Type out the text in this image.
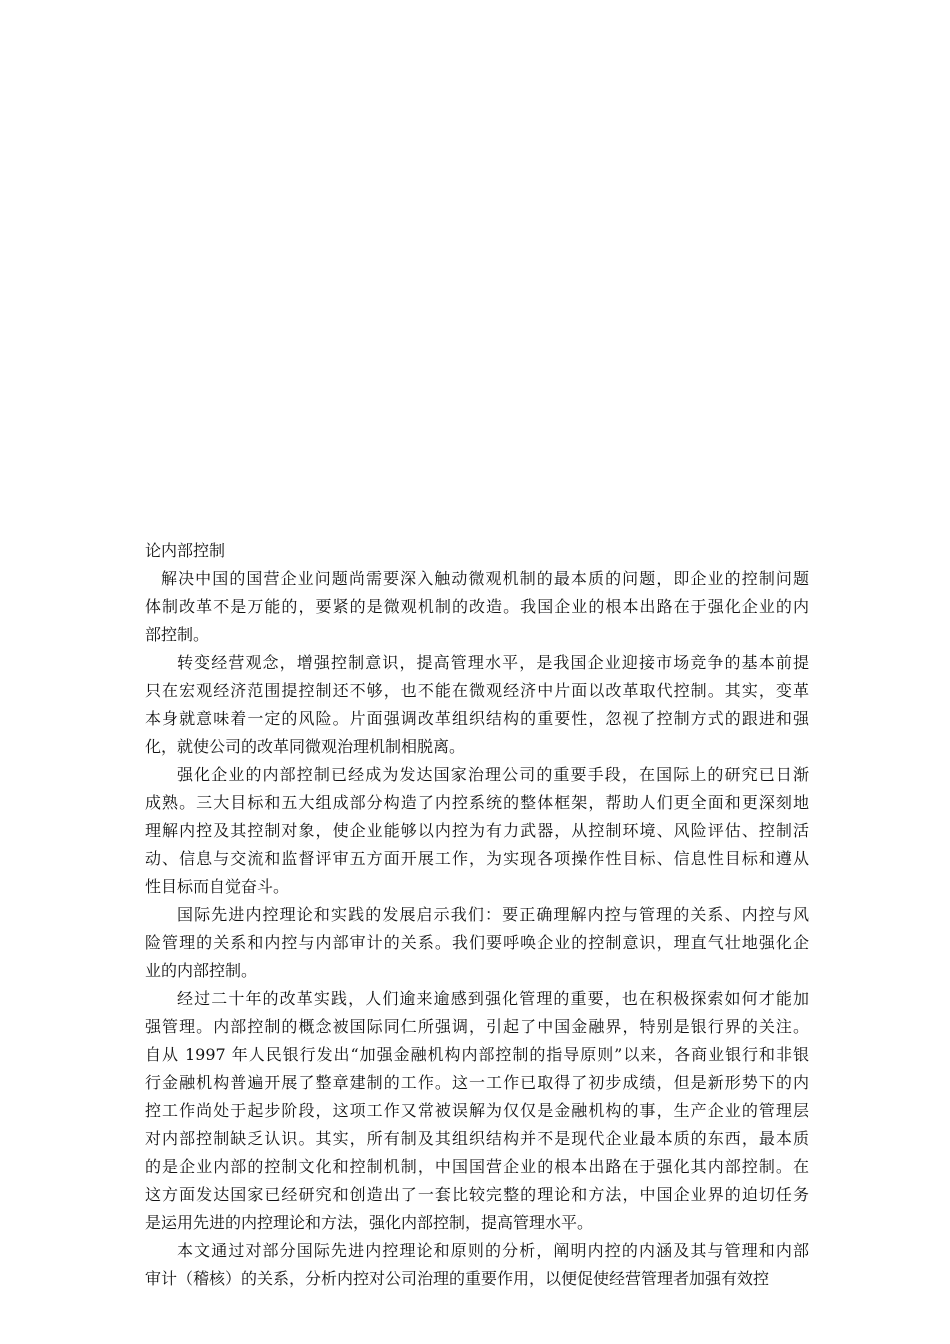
论内部控制

解决中国的国营企业问题尚需要深入触动微观机制的最本质的问题，即企业的控制问题

体制改革不是万能的，要紧的是微观机制的改造。我国企业的根本出路在于强化企业的内

部控制。

转变经营观念，增强控制意识，提高管理水平，是我国企业迎接市场竞争的基本前提

只在宏观经济范围提控制还不够，也不能在微观经济中片面以改革取代控制。其实，变革

本身就意味着一定的风险。片面强调改革组织结构的重要性，忽视了控制方式的跟进和强

化，就使公司的改革同微观治理机制相脱离。

强化企业的内部控制已经成为发达国家治理公司的重要手段，在国际上的研究已日渐

成熟。三大目标和五大组成部分构造了内控系统的整体框架，帮助人们更全面和更深刻地

理解内控及其控制对象，使企业能够以内控为有力武器，从控制环境、风险评估、控制活

动、信息与交流和监督评审五方面开展工作，为实现各项操作性目标、信息性目标和遵从

性目标而自觉奋斗。

国际先进内控理论和实践的发展启示我们：要正确理解内控与管理的关系、内控与风

险管理的关系和内控与内部审计的关系。我们要呼唤企业的控制意识，理直气壮地强化企

业的内部控制。

经过二十年的改革实践，人们逾来逾感到强化管理的重要，也在积极探索如何才能加

强管理。内部控制的概念被国际同仁所强调，引起了中国金融界，特别是银行界的关注。

自从 1997 年人民银行发出“加强金融机构内部控制的指导原则”以来，各商业银行和非银

行金融机构普遍开展了整章建制的工作。这一工作已取得了初步成绩，但是新形势下的内

控工作尚处于起步阶段，这项工作又常被误解为仅仅是金融机构的事，生产企业的管理层

对内部控制缺乏认识。其实，所有制及其组织结构并不是现代企业最本质的东西，最本质

的是企业内部的控制文化和控制机制，中国国营企业的根本出路在于强化其内部控制。在

这方面发达国家已经研究和创造出了一套比较完整的理论和方法，中国企业界的迫切任务

是运用先进的内控理论和方法，强化内部控制，提高管理水平。

本文通过对部分国际先进内控理论和原则的分析，阐明内控的内涵及其与管理和内部

审计（稽核）的关系，分析内控对公司治理的重要作用，以便促使经营管理者加强有效控
